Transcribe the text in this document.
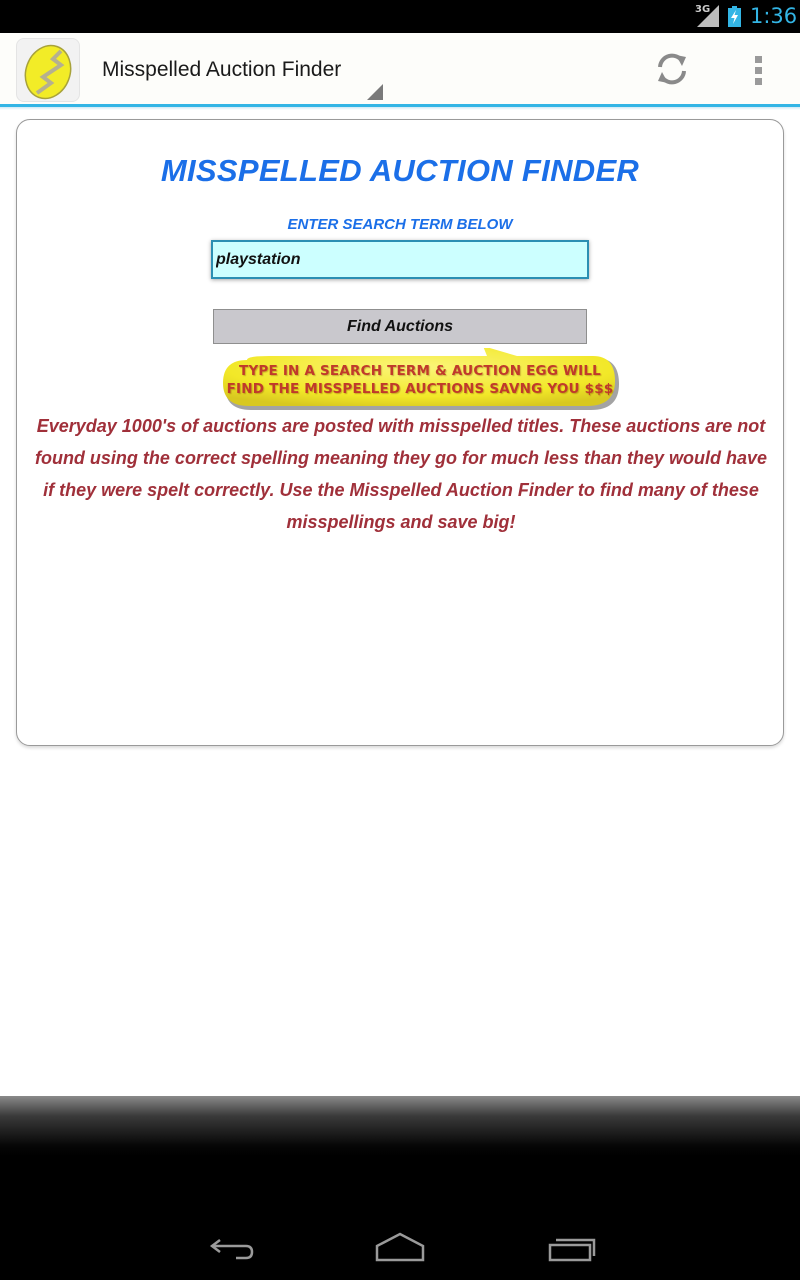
3G 1:36
Misspelled Auction Finder
MISSPELLED AUCTION FINDER
ENTER SEARCH TERM BELOW
playstation
Find Auctions
TYPE IN A SEARCH TERM & AUCTION EGG WILL
FIND THE MISSPELLED AUCTIONS SAVNG YOU $$$
Everyday 1000's of auctions are posted with misspelled titles. These auctions are not found using the correct spelling meaning they go for much less than they would have if they were spelt correctly. Use the Misspelled Auction Finder to find many of these misspellings and save big!
